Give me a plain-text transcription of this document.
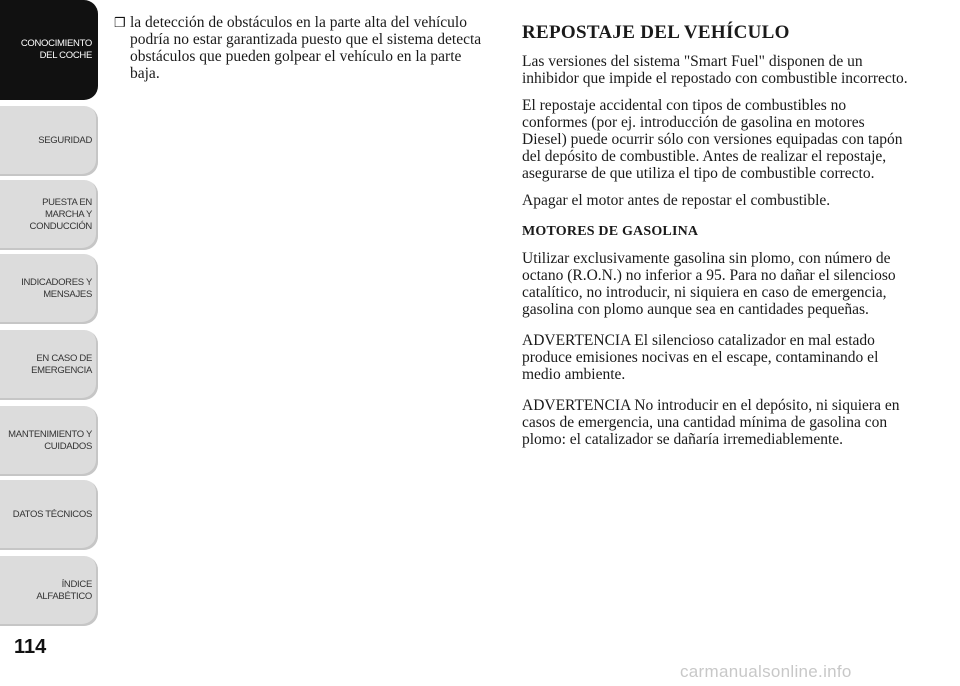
CONOCIMIENTO
DEL COCHE
SEGURIDAD
PUESTA EN
MARCHA Y
CONDUCCIÓN
INDICADORES Y
MENSAJES
EN CASO DE
EMERGENCIA
MANTENIMIENTO Y
CUIDADOS
DATOS TÉCNICOS
ÍNDICE
ALFABÉTICO
114
❒ la detección de obstáculos en la parte alta del vehículo podría no estar garantizada puesto que el sistema detecta obstáculos que pueden golpear el vehículo en la parte baja.
REPOSTAJE DEL VEHÍCULO

Las versiones del sistema "Smart Fuel" disponen de un inhibidor que impide el repostado con combustible incorrecto.

El repostaje accidental con tipos de combustibles no conformes (por ej. introducción de gasolina en motores Diesel) puede ocurrir sólo con versiones equipadas con tapón del depósito de combustible. Antes de realizar el repostaje, asegurarse de que utiliza el tipo de combustible correcto.

Apagar el motor antes de repostar el combustible.

MOTORES DE GASOLINA

Utilizar exclusivamente gasolina sin plomo, con número de octano (R.O.N.) no inferior a 95. Para no dañar el silencioso catalítico, no introducir, ni siquiera en caso de emergencia, gasolina con plomo aunque sea en cantidades pequeñas.

ADVERTENCIA El silencioso catalizador en mal estado produce emisiones nocivas en el escape, contaminando el medio ambiente.

ADVERTENCIA No introducir en el depósito, ni siquiera en casos de emergencia, una cantidad mínima de gasolina con plomo: el catalizador se dañaría irremediablemente.

carmanualsonline.info
